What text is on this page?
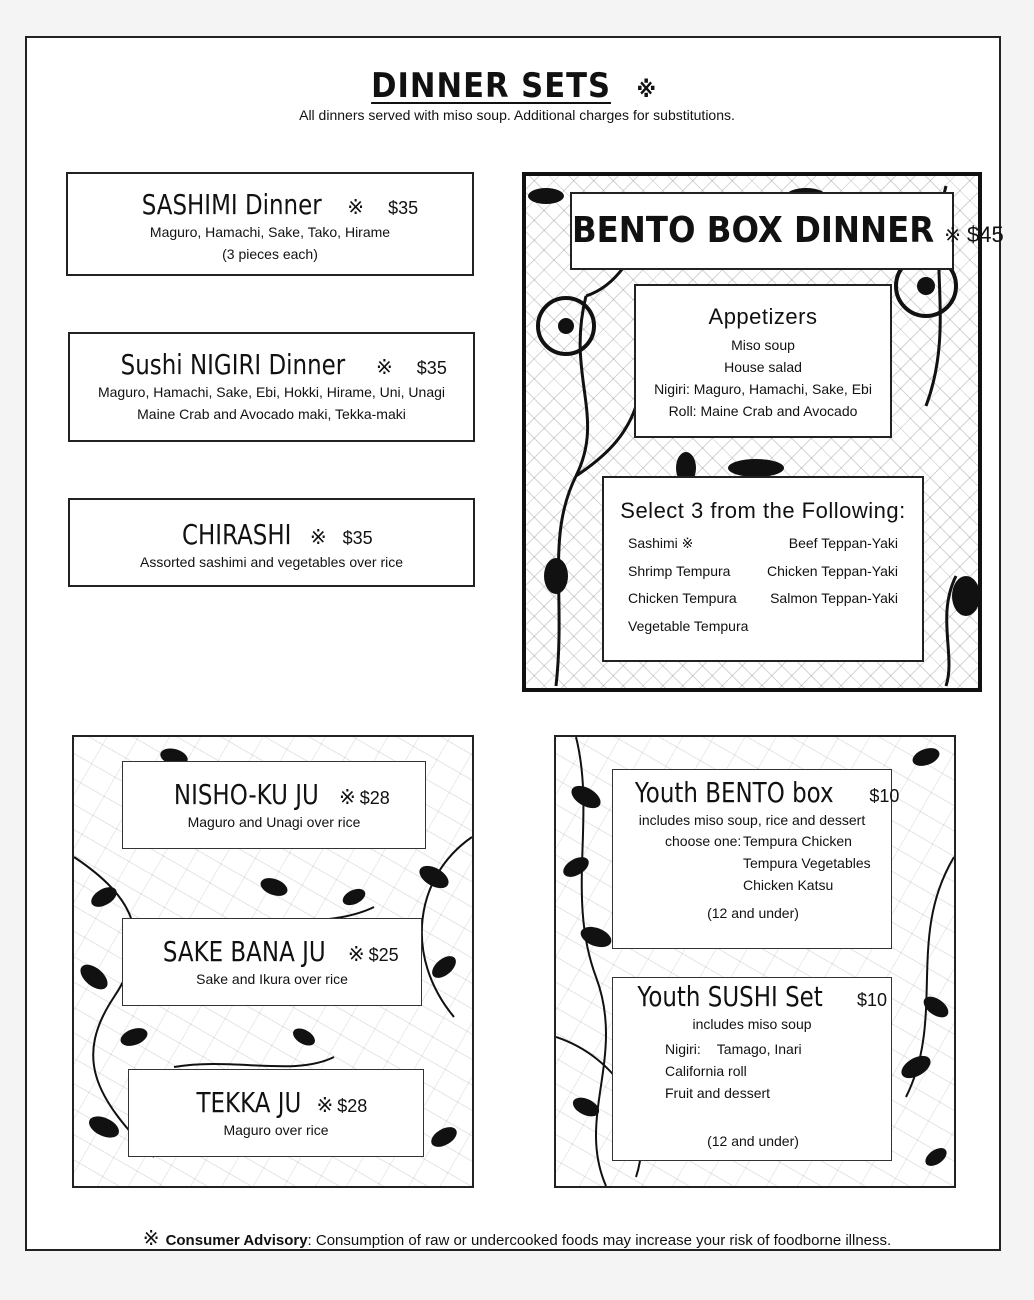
DINNER SETS ※
All dinners served with miso soup. Additional charges for substitutions.
SASHIMI Dinner ※ $35
Maguro, Hamachi, Sake, Tako, Hirame
(3 pieces each)
Sushi NIGIRI Dinner ※ $35
Maguro, Hamachi, Sake, Ebi, Hokki, Hirame, Uni, Unagi
Maine Crab and Avocado maki, Tekka-maki
CHIRASHI ※ $35
Assorted sashimi and vegetables over rice
BENTO BOX DINNER ※ $45
Appetizers
Miso soup
House salad
Nigiri: Maguro, Hamachi, Sake, Ebi
Roll: Maine Crab and Avocado
Select 3 from the Following:
Sashimi ※
Shrimp Tempura
Chicken Tempura
Vegetable Tempura
Beef Teppan-Yaki
Chicken Teppan-Yaki
Salmon Teppan-Yaki
NISHO-KU JU ※ $28
Maguro and Unagi over rice
SAKE BANA JU ※ $25
Sake and Ikura over rice
TEKKA JU ※ $28
Maguro over rice
Youth BENTO box $10
includes miso soup, rice and dessert
choose one: Tempura Chicken
Tempura Vegetables
Chicken Katsu
(12 and under)
Youth SUSHI Set $10
includes miso soup
Nigiri: Tamago, Inari
California roll
Fruit and dessert
(12 and under)
※ Consumer Advisory: Consumption of raw or undercooked foods may increase your risk of foodborne illness.
